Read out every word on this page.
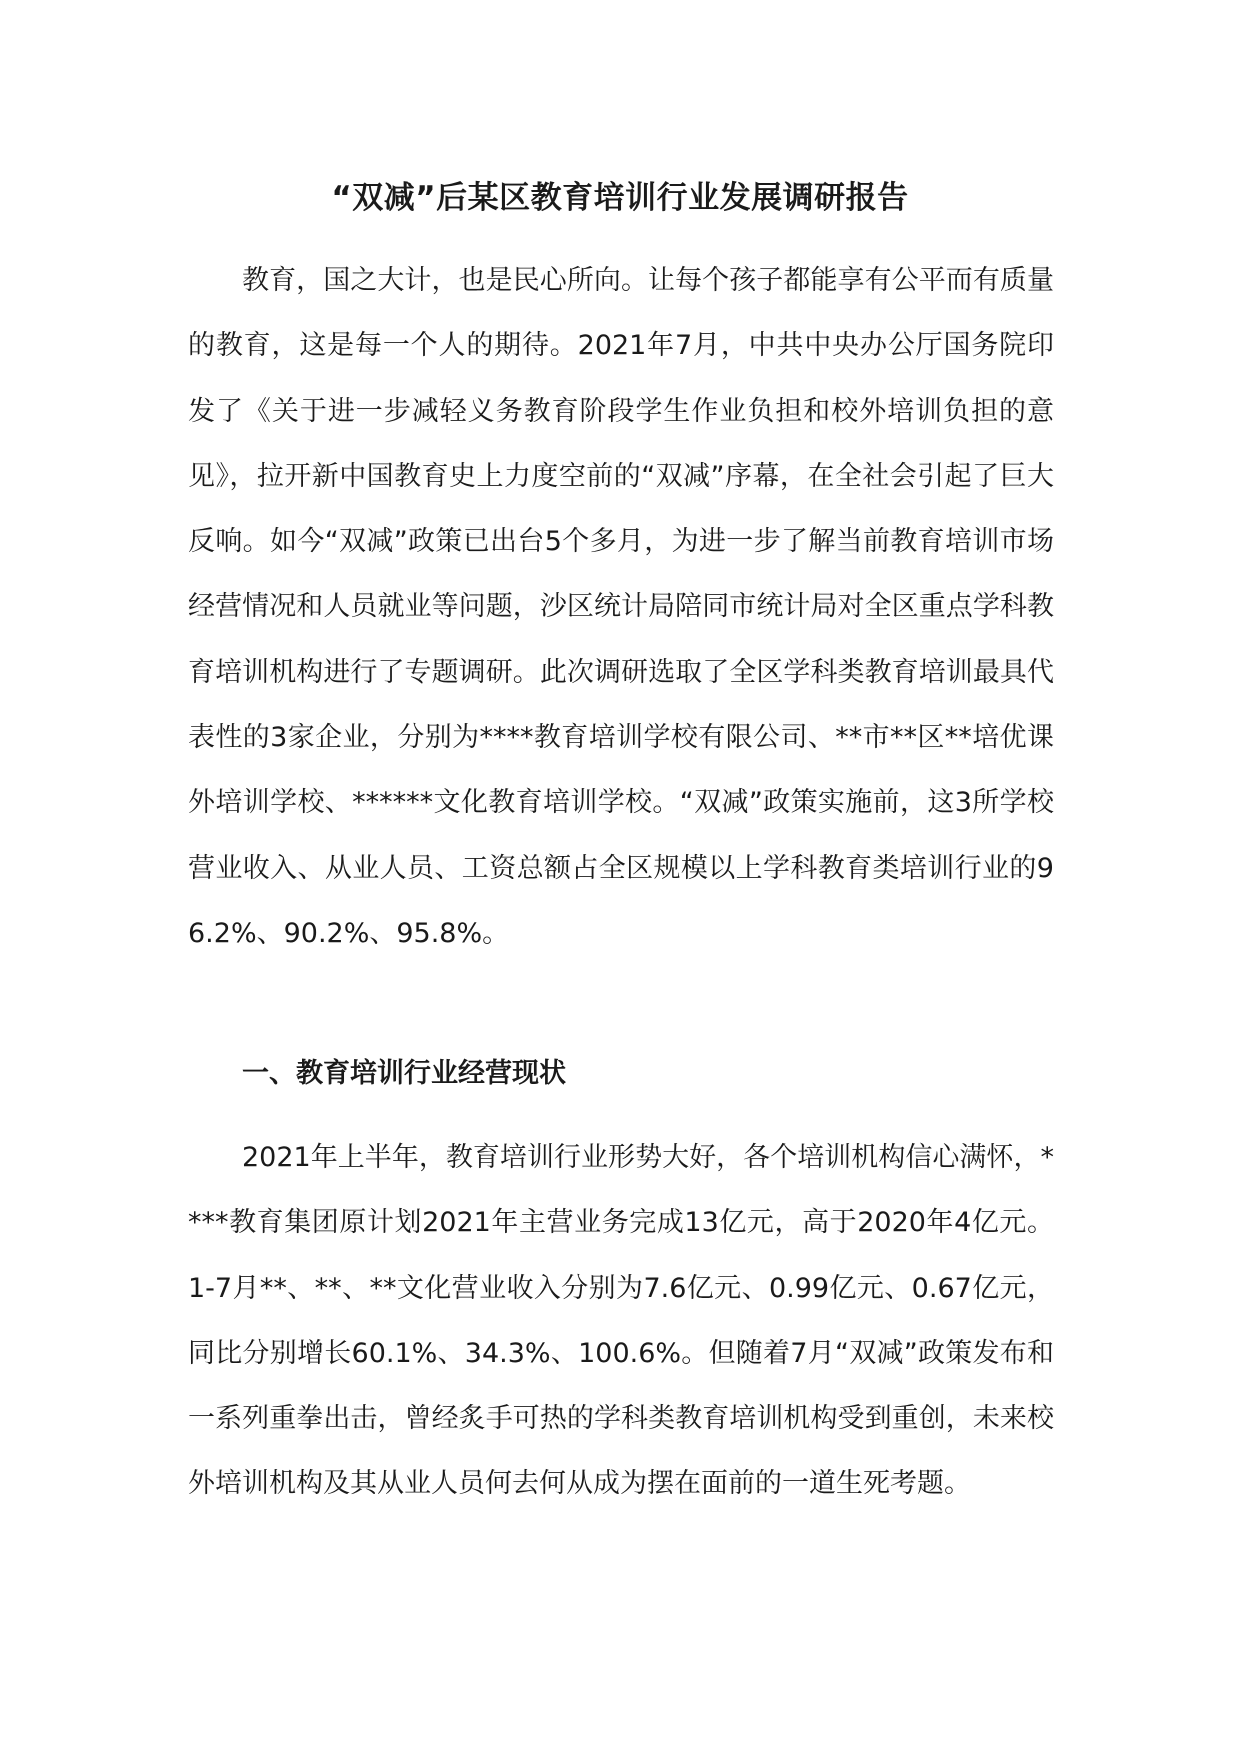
“双减”后某区教育培训行业发展调研报告

教育，国之大计，也是民心所向。让每个孩子都能享有公平而有质量的教育，这是每一个人的期待。2021年7月，中共中央办公厅国务院印发了《关于进一步减轻义务教育阶段学生作业负担和校外培训负担的意见》，拉开新中国教育史上力度空前的“双减”序幕，在全社会引起了巨大反响。如今“双减”政策已出台5个多月，为进一步了解当前教育培训市场经营情况和人员就业等问题，沙区统计局陪同市统计局对全区重点学科教育培训机构进行了专题调研。此次调研选取了全区学科类教育培训最具代表性的3家企业，分别为****教育培训学校有限公司、**市**区**培优课外培训学校、******文化教育培训学校。“双减”政策实施前，这3所学校营业收入、从业人员、工资总额占全区规模以上学科教育类培训行业的96.2%、90.2%、95.8%。

一、教育培训行业经营现状

2021年上半年，教育培训行业形势大好，各个培训机构信心满怀，****教育集团原计划2021年主营业务完成13亿元，高于2020年4亿元。1-7月**、**、**文化营业收入分别为7.6亿元、0.99亿元、0.67亿元，同比分别增长60.1%、34.3%、100.6%。但随着7月“双减”政策发布和一系列重拳出击，曾经炙手可热的学科类教育培训机构受到重创，未来校外培训机构及其从业人员何去何从成为摆在面前的一道生死考题。
